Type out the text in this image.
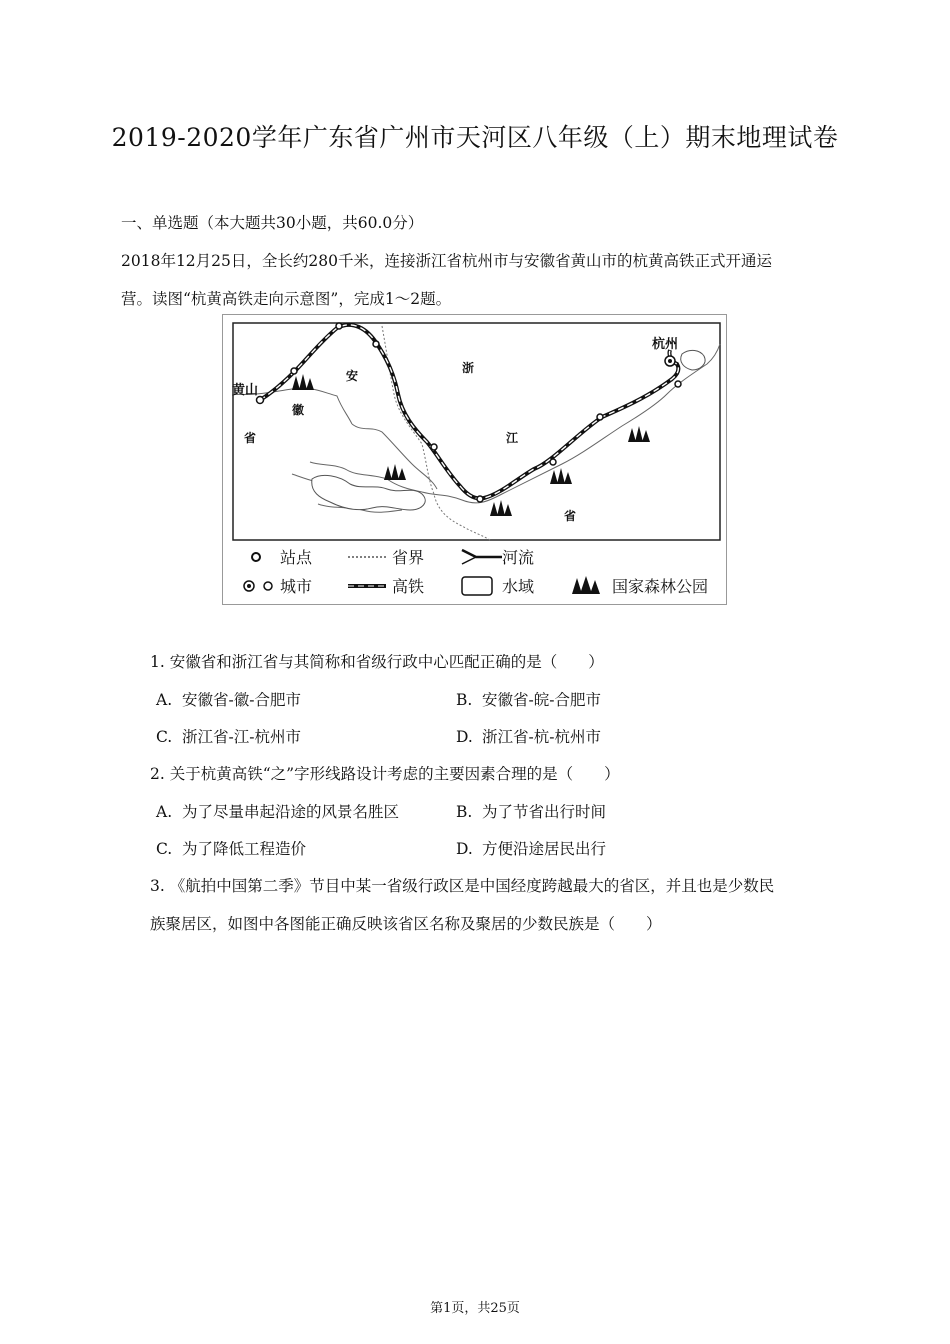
2019-2020学年广东省广州市天河区八年级（上）期末地理试卷
一、单选题（本大题共30小题，共60.0分）
2018年12月25日，全长约280千米，连接浙江省杭州市与安徽省黄山市的杭黄高铁正式开通运
营。读图“杭黄高铁走向示意图”，完成1～2题。
黄山
杭州
安
徽
省
浙
江
省
站点	省界	河流
城市	高铁	水域	国家森林公园
1. 安徽省和浙江省与其简称和省级行政中心匹配正确的是（　　）
A. 安徽省-徽-合肥市	B. 安徽省-皖-合肥市
C. 浙江省-江-杭州市	D. 浙江省-杭-杭州市
2. 关于杭黄高铁“之”字形线路设计考虑的主要因素合理的是（　　）
A. 为了尽量串起沿途的风景名胜区	B. 为了节省出行时间
C. 为了降低工程造价	D. 方便沿途居民出行
3. 《航拍中国第二季》节目中某一省级行政区是中国经度跨越最大的省区，并且也是少数民
族聚居区，如图中各图能正确反映该省区名称及聚居的少数民族是（　　）
第1页，共25页
